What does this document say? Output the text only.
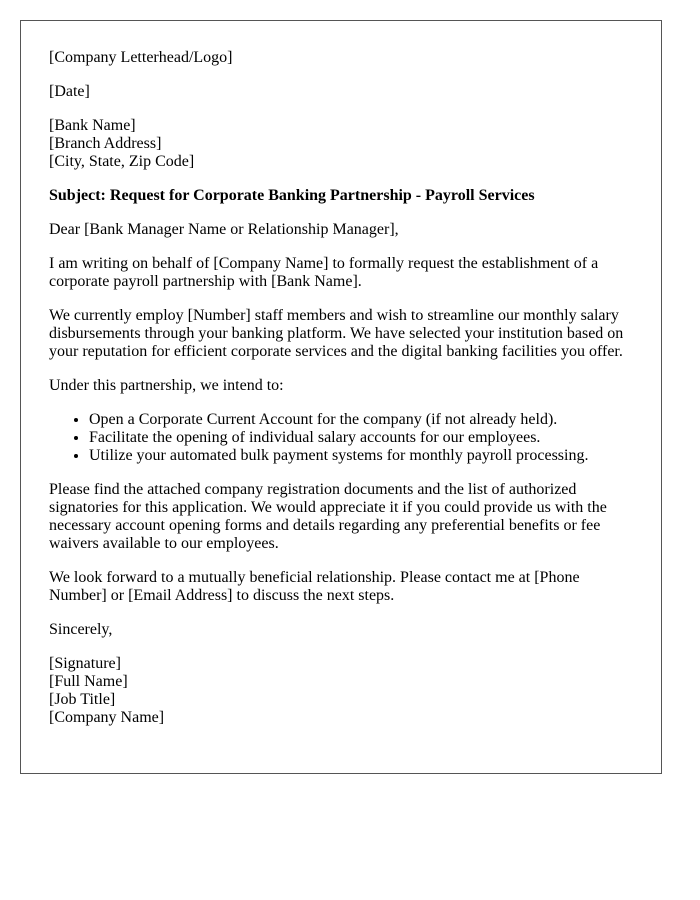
[Company Letterhead/Logo]

[Date]

[Bank Name]
[Branch Address]
[City, State, Zip Code]

Subject: Request for Corporate Banking Partnership - Payroll Services

Dear [Bank Manager Name or Relationship Manager],

I am writing on behalf of [Company Name] to formally request the establishment of a corporate payroll partnership with [Bank Name].

We currently employ [Number] staff members and wish to streamline our monthly salary disbursements through your banking platform. We have selected your institution based on your reputation for efficient corporate services and the digital banking facilities you offer.

Under this partnership, we intend to:

• Open a Corporate Current Account for the company (if not already held).
• Facilitate the opening of individual salary accounts for our employees.
• Utilize your automated bulk payment systems for monthly payroll processing.

Please find the attached company registration documents and the list of authorized signatories for this application. We would appreciate it if you could provide us with the necessary account opening forms and details regarding any preferential benefits or fee waivers available to our employees.

We look forward to a mutually beneficial relationship. Please contact me at [Phone Number] or [Email Address] to discuss the next steps.

Sincerely,

[Signature]
[Full Name]
[Job Title]
[Company Name]
